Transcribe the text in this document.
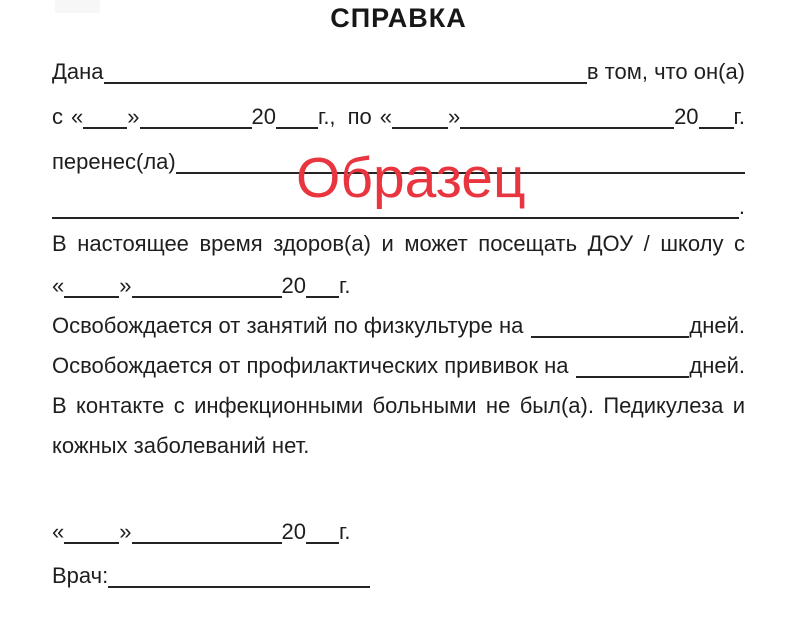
СПРАВКА
Образец
Дана	в том, что он(а)
с « »	20 г., по «	»	20 г.
перенес(ла)
.
В настоящее время здоров(а) и может посещать ДОУ / школу с
«	»	20 г.
Освобождается от занятий по физкультуре на	дней.
Освобождается от профилактических прививок на	дней.
В контакте с инфекционными больными не был(а). Педикулеза и
кожных заболеваний нет.
«	»	20 г.
Врач:
